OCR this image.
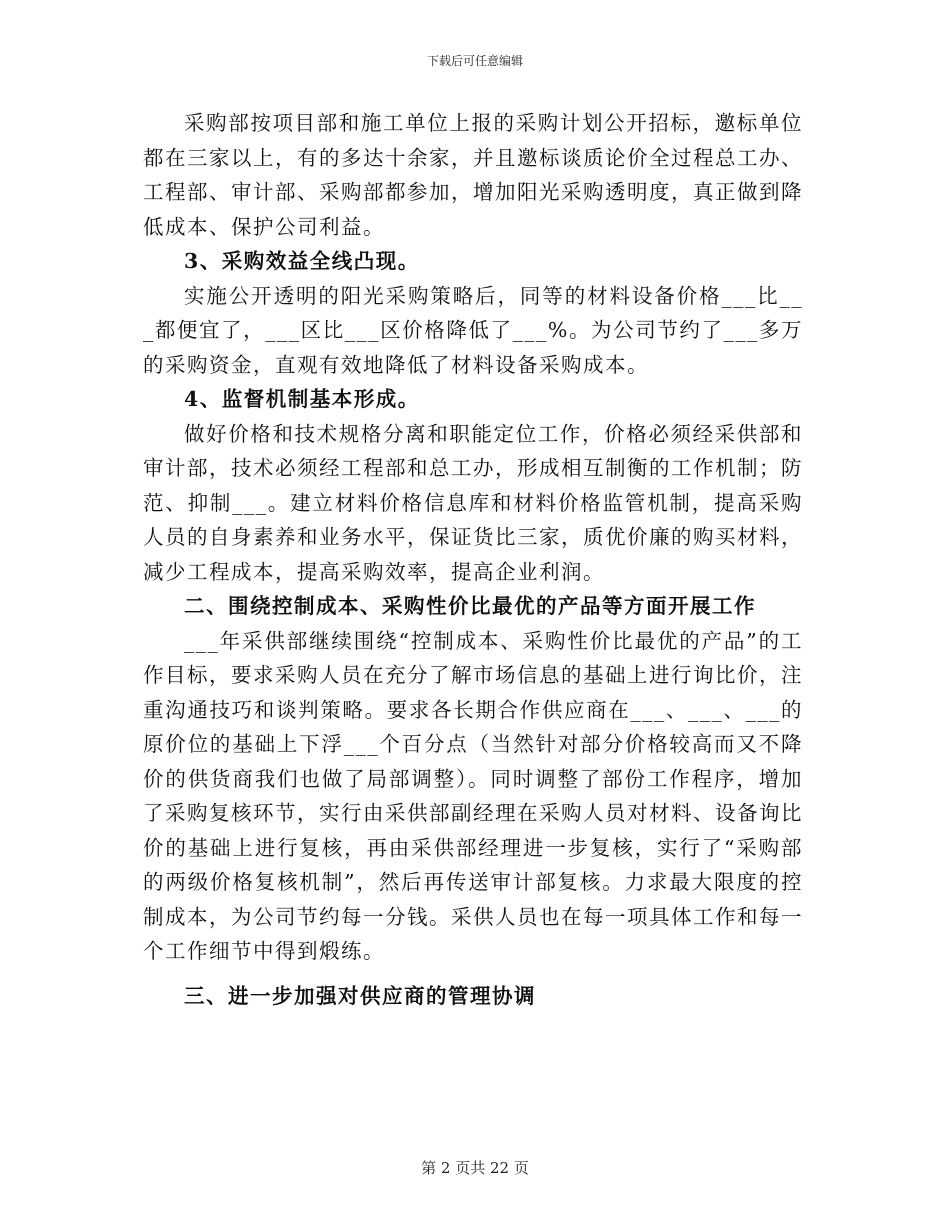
下载后可任意编辑

采购部按项目部和施工单位上报的采购计划公开招标，邀标单位都在三家以上，有的多达十余家，并且邀标谈质论价全过程总工办、工程部、审计部、采购部都参加，增加阳光采购透明度，真正做到降低成本、保护公司利益。

3、采购效益全线凸现。

实施公开透明的阳光采购策略后，同等的材料设备价格___比___都便宜了，___区比___区价格降低了___%。为公司节约了___多万的采购资金，直观有效地降低了材料设备采购成本。

4、监督机制基本形成。

做好价格和技术规格分离和职能定位工作，价格必须经采供部和审计部，技术必须经工程部和总工办，形成相互制衡的工作机制；防范、抑制___。建立材料价格信息库和材料价格监管机制，提高采购人员的自身素养和业务水平，保证货比三家，质优价廉的购买材料，减少工程成本，提高采购效率，提高企业利润。

二、围绕控制成本、采购性价比最优的产品等方面开展工作

___年采供部继续围绕“控制成本、采购性价比最优的产品”的工作目标，要求采购人员在充分了解市场信息的基础上进行询比价，注重沟通技巧和谈判策略。要求各长期合作供应商在___、___、___的原价位的基础上下浮___个百分点（当然针对部分价格较高而又不降价的供货商我们也做了局部调整）。同时调整了部份工作程序，增加了采购复核环节，实行由采供部副经理在采购人员对材料、设备询比价的基础上进行复核，再由采供部经理进一步复核，实行了“采购部的两级价格复核机制”，然后再传送审计部复核。力求最大限度的控制成本，为公司节约每一分钱。采供人员也在每一项具体工作和每一个工作细节中得到煅练。

三、进一步加强对供应商的管理协调

第 2 页共 22 页
